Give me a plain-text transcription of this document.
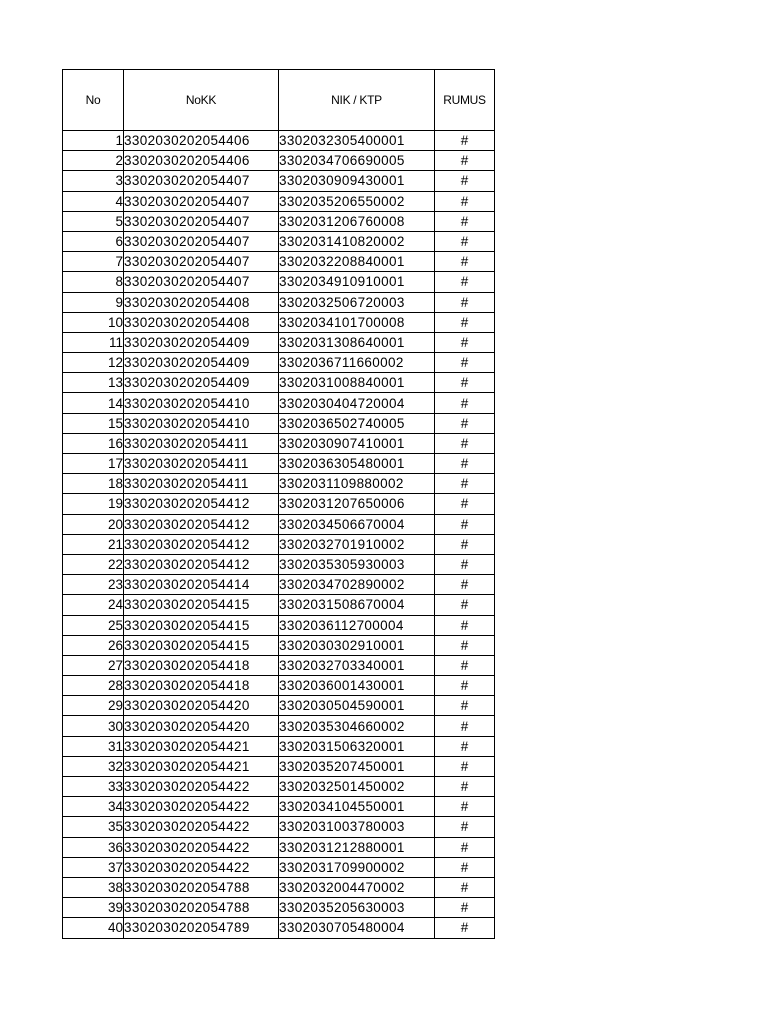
No	NoKK	NIK / KTP	RUMUS
1	3302030202054406	3302032305400001	#
2	3302030202054406	3302034706690005	#
3	3302030202054407	3302030909430001	#
4	3302030202054407	3302035206550002	#
5	3302030202054407	3302031206760008	#
6	3302030202054407	3302031410820002	#
7	3302030202054407	3302032208840001	#
8	3302030202054407	3302034910910001	#
9	3302030202054408	3302032506720003	#
10	3302030202054408	3302034101700008	#
11	3302030202054409	3302031308640001	#
12	3302030202054409	3302036711660002	#
13	3302030202054409	3302031008840001	#
14	3302030202054410	3302030404720004	#
15	3302030202054410	3302036502740005	#
16	3302030202054411	3302030907410001	#
17	3302030202054411	3302036305480001	#
18	3302030202054411	3302031109880002	#
19	3302030202054412	3302031207650006	#
20	3302030202054412	3302034506670004	#
21	3302030202054412	3302032701910002	#
22	3302030202054412	3302035305930003	#
23	3302030202054414	3302034702890002	#
24	3302030202054415	3302031508670004	#
25	3302030202054415	3302036112700004	#
26	3302030202054415	3302030302910001	#
27	3302030202054418	3302032703340001	#
28	3302030202054418	3302036001430001	#
29	3302030202054420	3302030504590001	#
30	3302030202054420	3302035304660002	#
31	3302030202054421	3302031506320001	#
32	3302030202054421	3302035207450001	#
33	3302030202054422	3302032501450002	#
34	3302030202054422	3302034104550001	#
35	3302030202054422	3302031003780003	#
36	3302030202054422	3302031212880001	#
37	3302030202054422	3302031709900002	#
38	3302030202054788	3302032004470002	#
39	3302030202054788	3302035205630003	#
40	3302030202054789	3302030705480004	#
